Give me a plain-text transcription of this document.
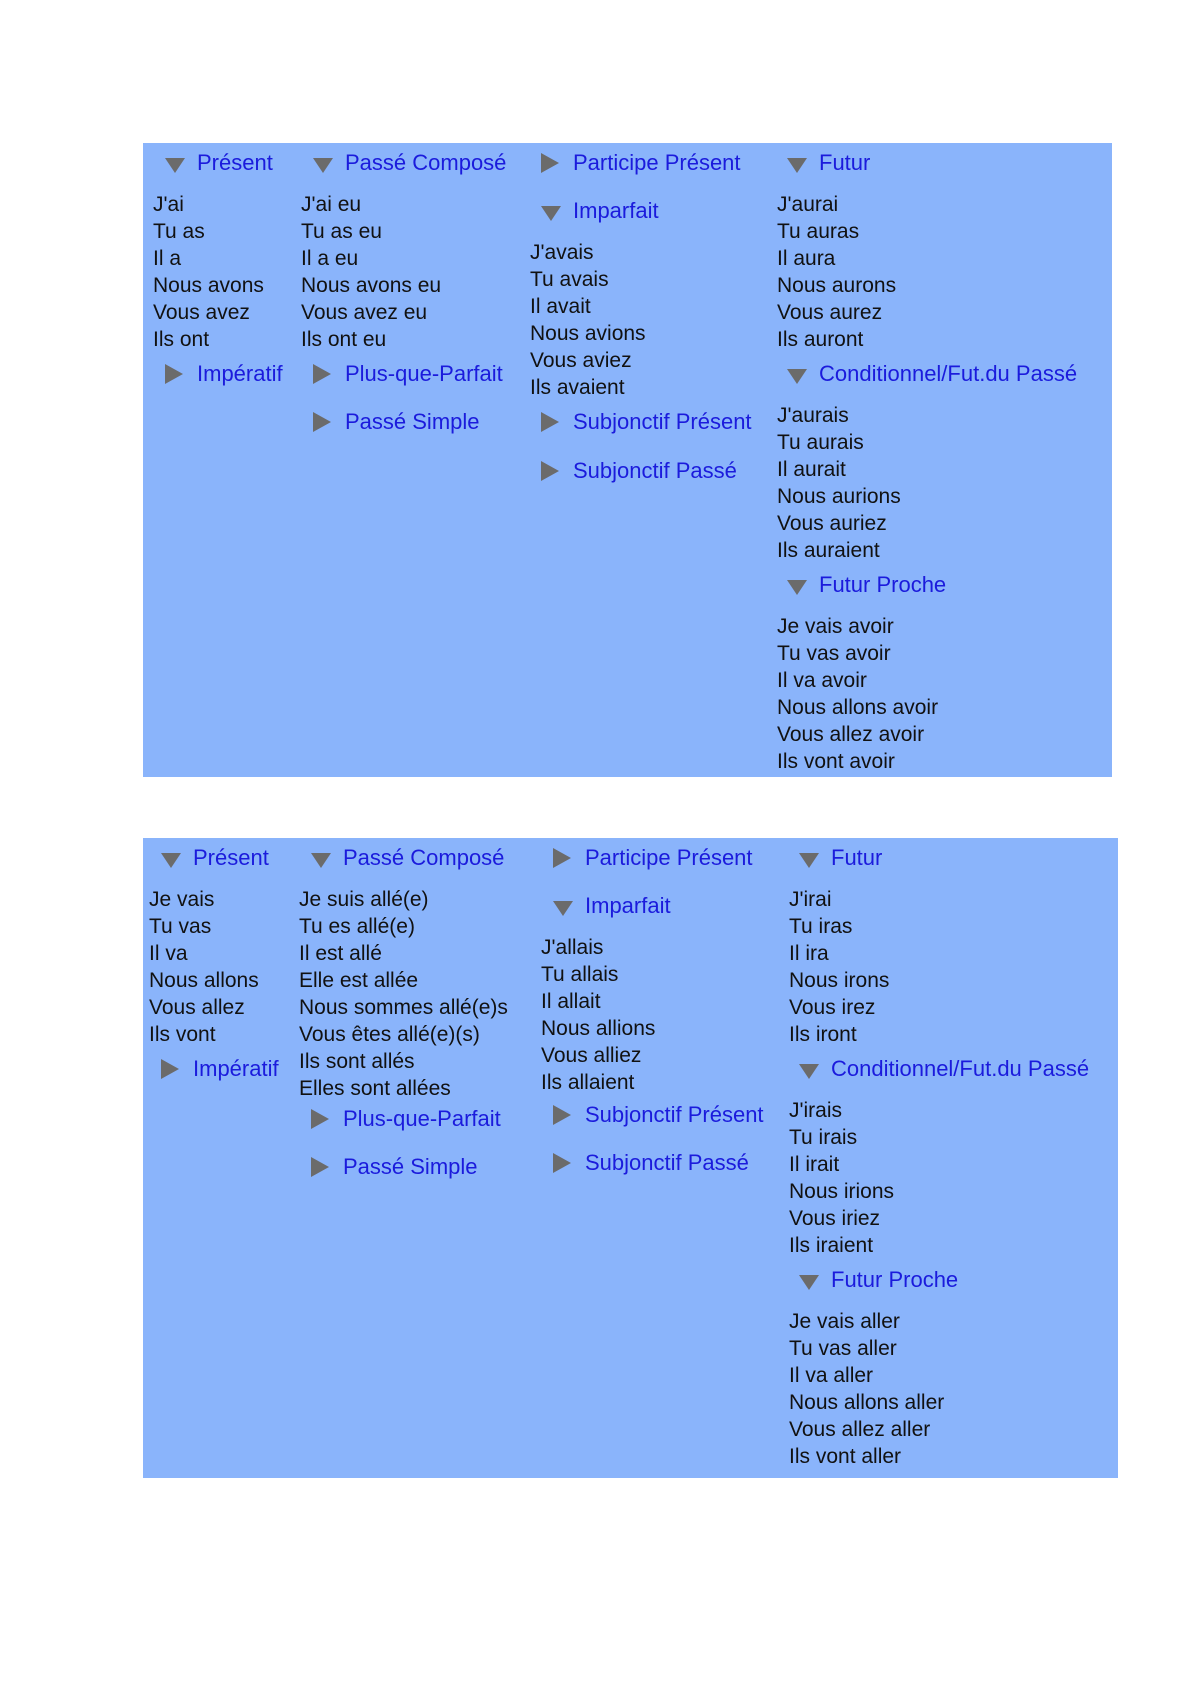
Présent
J'ai
Tu as
Il a
Nous avons
Vous avez
Ils ont
Impératif
Passé Composé
J'ai eu
Tu as eu
Il a eu
Nous avons eu
Vous avez eu
Ils ont eu
Plus-que-Parfait
Passé Simple
Participe Présent
Imparfait
J'avais
Tu avais
Il avait
Nous avions
Vous aviez
Ils avaient
Subjonctif Présent
Subjonctif Passé
Futur
J'aurai
Tu auras
Il aura
Nous aurons
Vous aurez
Ils auront
Conditionnel/Fut.du Passé
J'aurais
Tu aurais
Il aurait
Nous aurions
Vous auriez
Ils auraient
Futur Proche
Je vais avoir
Tu vas avoir
Il va avoir
Nous allons avoir
Vous allez avoir
Ils vont avoir
Présent
Je vais
Tu vas
Il va
Nous allons
Vous allez
Ils vont
Impératif
Passé Composé
Je suis allé(e)
Tu es allé(e)
Il est allé
Elle est allée
Nous sommes allé(e)s
Vous êtes allé(e)(s)
Ils sont allés
Elles sont allées
Plus-que-Parfait
Passé Simple
Participe Présent
Imparfait
J'allais
Tu allais
Il allait
Nous allions
Vous alliez
Ils allaient
Subjonctif Présent
Subjonctif Passé
Futur
J'irai
Tu iras
Il ira
Nous irons
Vous irez
Ils iront
Conditionnel/Fut.du Passé
J'irais
Tu irais
Il irait
Nous irions
Vous iriez
Ils iraient
Futur Proche
Je vais aller
Tu vas aller
Il va aller
Nous allons aller
Vous allez aller
Ils vont aller
